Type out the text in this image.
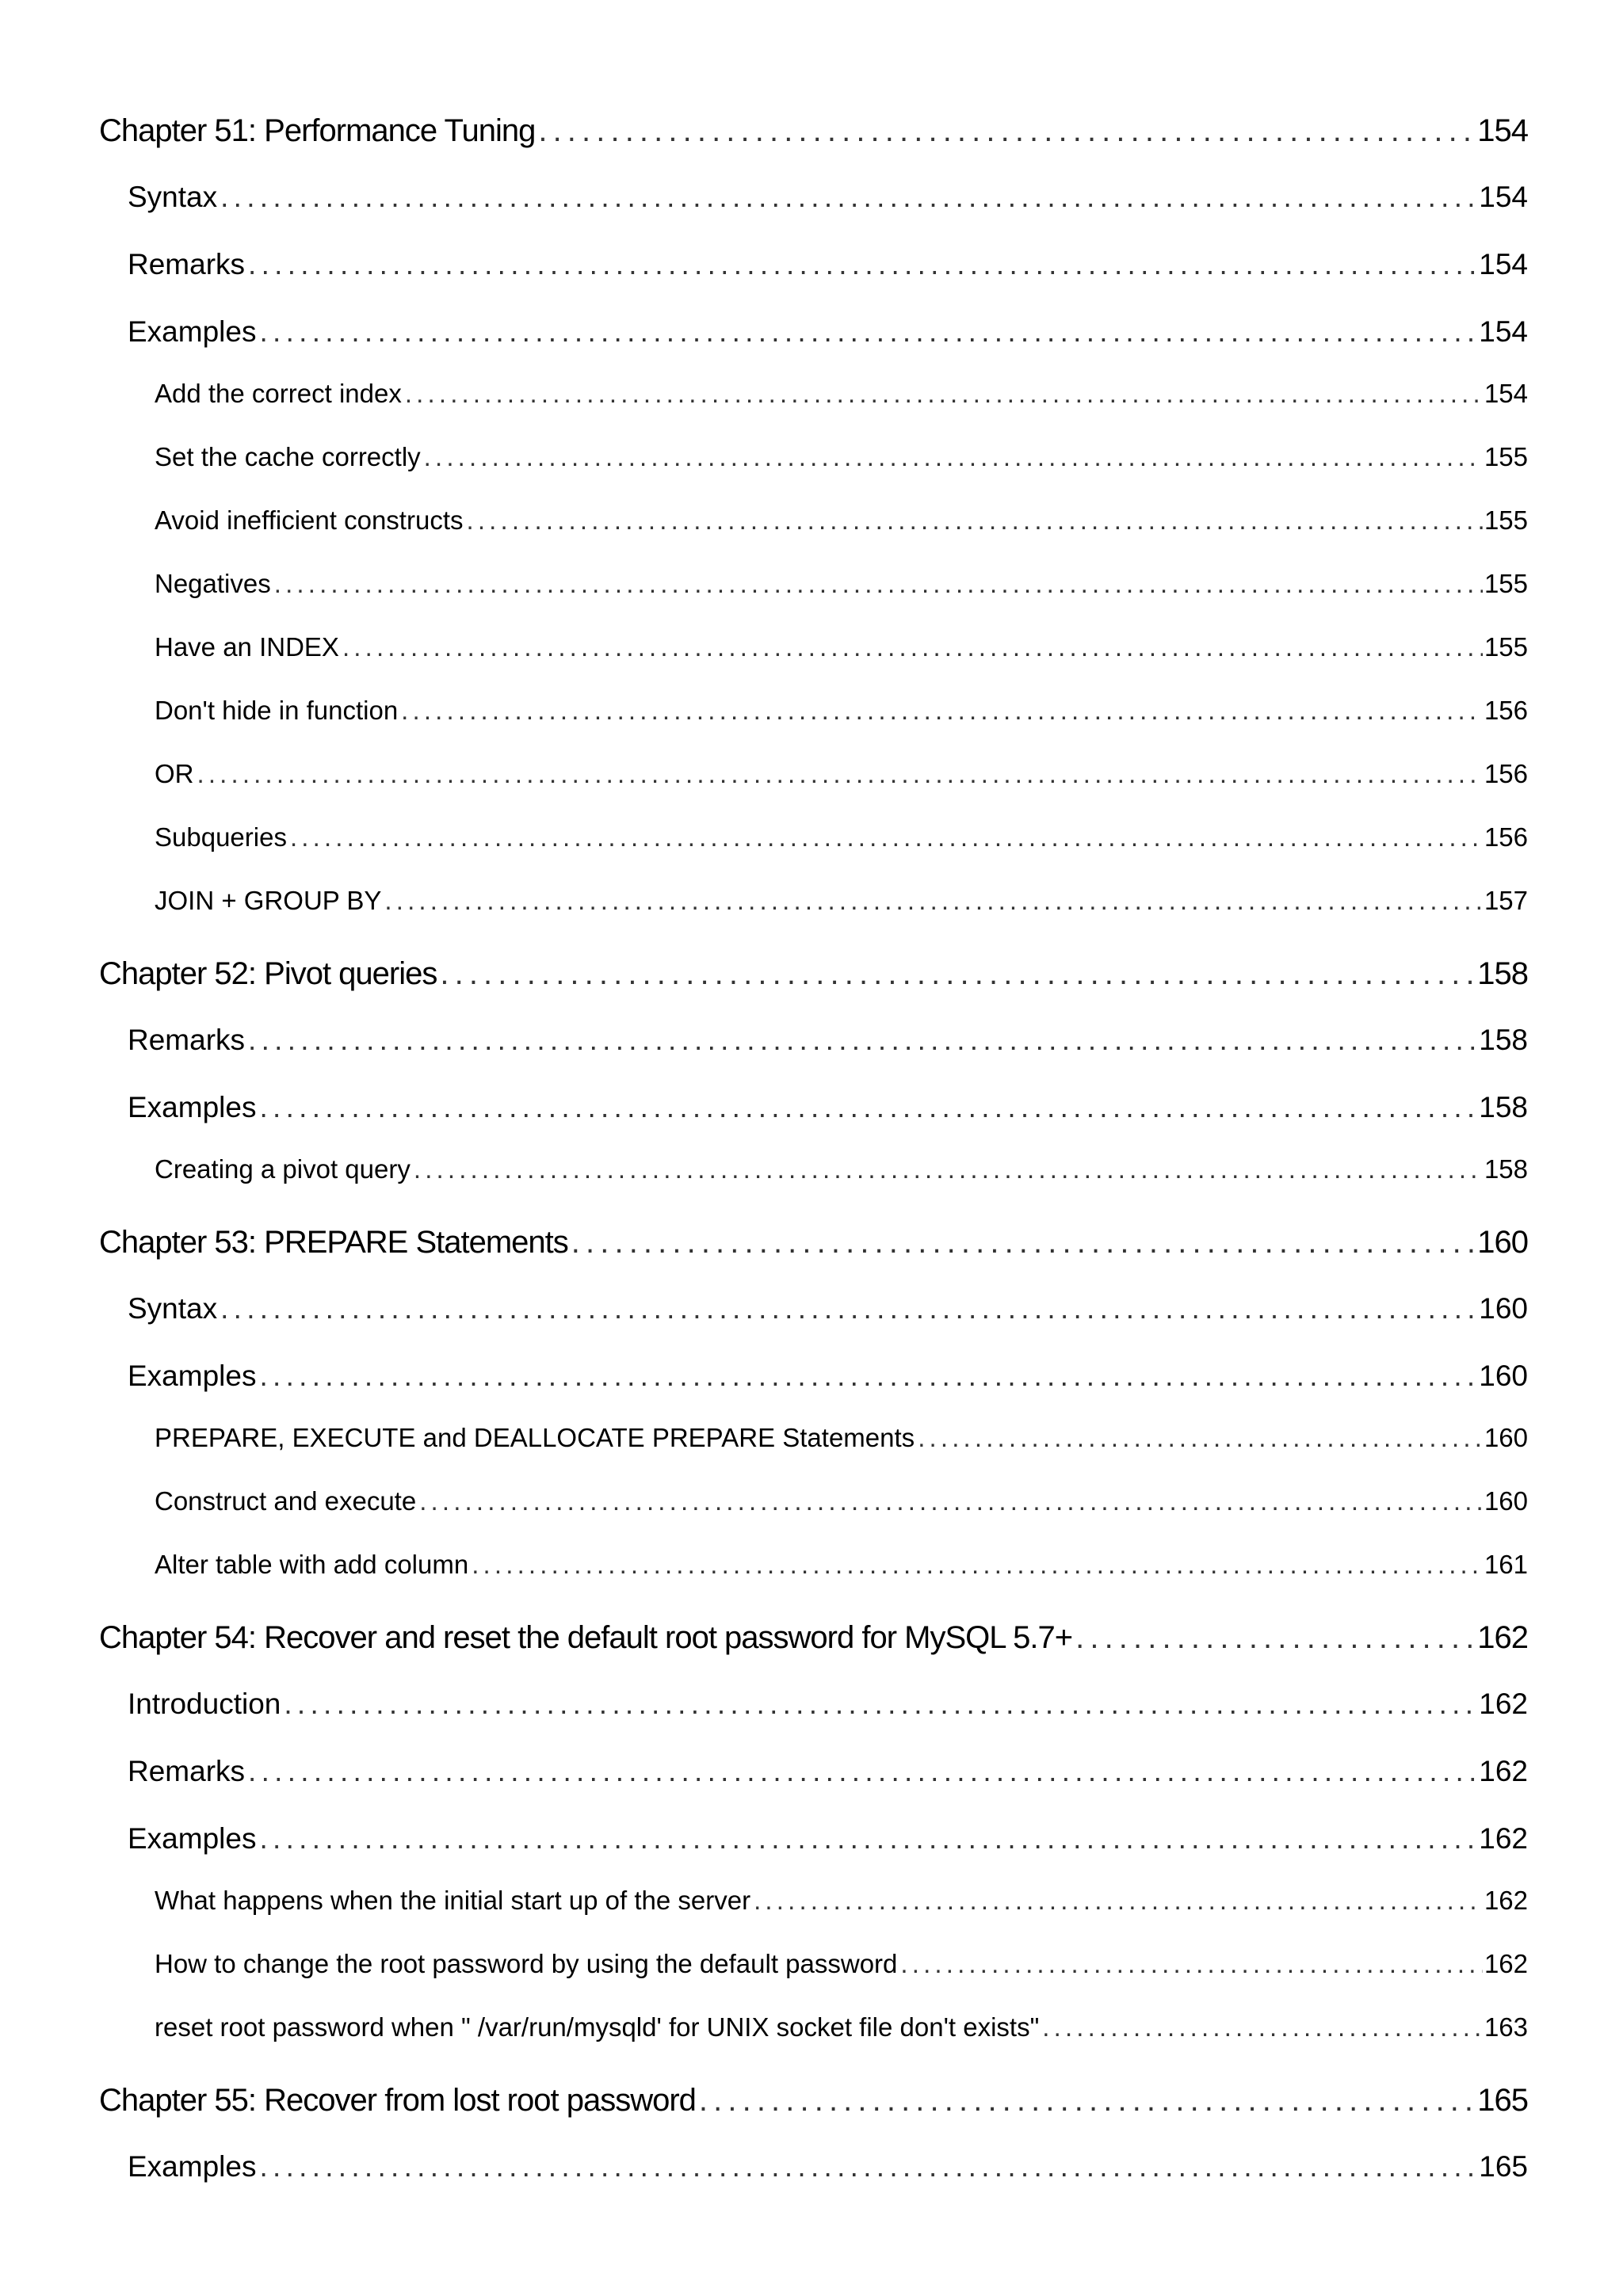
Chapter 51: Performance Tuning . . .	154
Syntax . . .	154
Remarks . . .	154
Examples . . .	154
Add the correct index . . .	154
Set the cache correctly . . .	155
Avoid inefficient constructs . . .	155
Negatives . . .	155
Have an INDEX . . .	155
Don't hide in function . . .	156
OR . . .	156
Subqueries . . .	156
JOIN + GROUP BY . . .	157
Chapter 52: Pivot queries . . .	158
Remarks . . .	158
Examples . . .	158
Creating a pivot query . . .	158
Chapter 53: PREPARE Statements . . .	160
Syntax . . .	160
Examples . . .	160
PREPARE, EXECUTE and DEALLOCATE PREPARE Statements . . .	160
Construct and execute . . .	160
Alter table with add column . . .	161
Chapter 54: Recover and reset the default root password for MySQL 5.7+ . . .	162
Introduction . . .	162
Remarks . . .	162
Examples . . .	162
What happens when the initial start up of the server . . .	162
How to change the root password by using the default password . . .	162
reset root password when " /var/run/mysqld' for UNIX socket file don't exists" . . .	163
Chapter 55: Recover from lost root password . . .	165
Examples . . .	165
